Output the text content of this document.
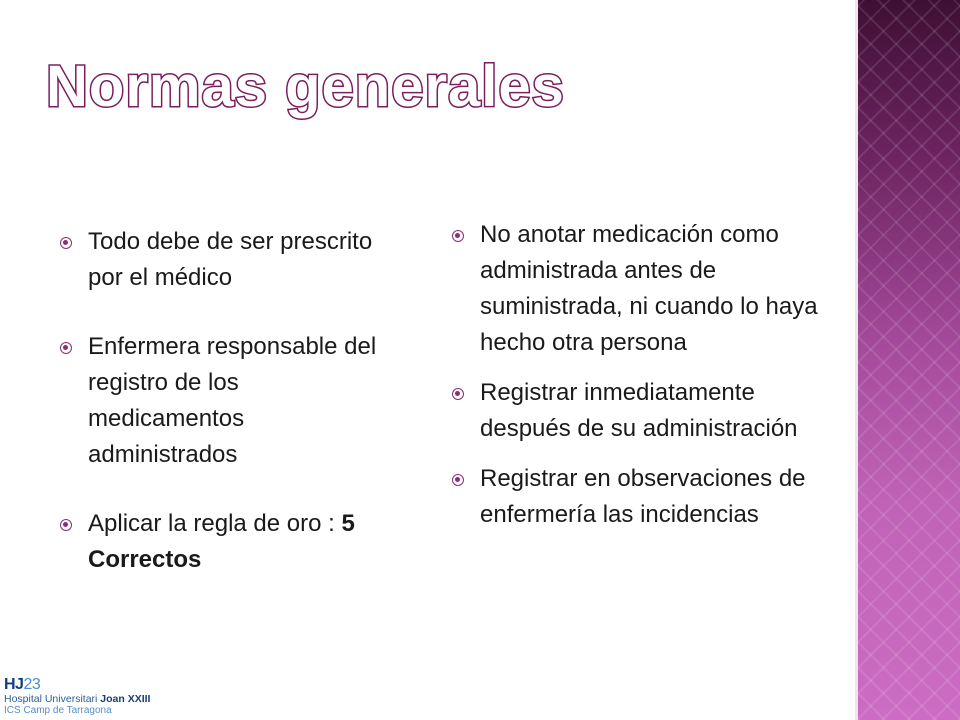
Normas generales
Todo debe de ser prescrito por el médico
Enfermera responsable del registro de los medicamentos administrados
Aplicar la regla de oro : 5 Correctos
No anotar medicación como administrada antes de suministrada, ni cuando lo haya hecho otra persona
Registrar inmediatamente después de su administración
Registrar en observaciones de enfermería las incidencias
HJ23
Hospital Universitari Joan XXIII
ICS Camp de Tarragona
